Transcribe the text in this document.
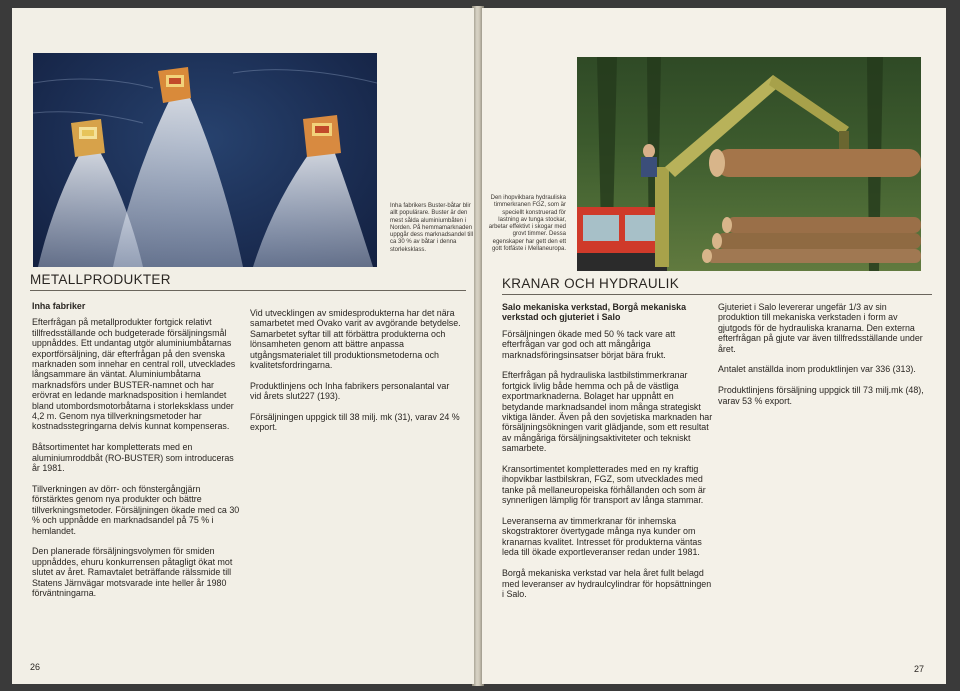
Inha fabrikers Buster-båtar blir allt populärare. Buster är den mest sålda aluminiumbåten i Norden. På hemmamarknaden uppgår dess marknadsandel till ca 30 % av båtar i denna storleksklass.
METALLPRODUKTER
Inha fabriker

Efterfrågan på metallprodukter fortgick relativt tillfredsställande och budgeterade försäljningsmål uppnåddes. Ett undantag utgör aluminiumbåtarnas exportförsäljning, där efterfrågan på den svenska marknaden som innehar en central roll, utvecklades långsammare än väntat. Aluminiumbåtarna marknadsförs under BUSTER-namnet och har erövrat en ledande marknadsposition i hemlandet bland utombordsmotorbåtarna i storleksklass under 4,2 m. Genom nya tillverkningsmetoder har kostnadsstegringarna delvis kunnat kompenseras.

Båtsortimentet har kompletterats med en aluminiumroddbåt (RO-BUSTER) som introduceras år 1981.

Tillverkningen av dörr- och fönstergångjärn förstärktes genom nya produkter och bättre tillverkningsmetoder. Försäljningen ökade med ca 30 % och uppnådde en marknadsandel på 75 % i hemlandet.

Den planerade försäljningsvolymen för smiden uppnåddes, ehuru konkurrensen påtagligt ökat mot slutet av året. Ramavtalet beträffande rälssmide till Statens Järnvägar motsvarade inte heller år 1980 förväntningarna.

Vid utvecklingen av smidesprodukterna har det nära samarbetet med Ovako varit av avgörande betydelse. Samarbetet syftar till att förbättra produkterna och lönsamheten genom att bättre anpassa utgångsmaterialet till produktionsmetoderna och kvalitetsfordringarna.

Produktlinjens och Inha fabrikers personalantal var vid årets slut227 (193).

Försäljningen uppgick till 38 milj. mk (31), varav 24 % export.

26
Den ihopvikbara hydrauliska timmerkranen FGZ, som är speciellt konstruerad för lastning av tunga stockar, arbetar effektivt i skogar med grovt timmer. Dessa egenskaper har gett den ett gott fotfäste i Mellaneuropa.
KRANAR OCH HYDRAULIK
Salo mekaniska verkstad, Borgå mekaniska verkstad och gjuteriet i Salo

Försäljningen ökade med 50 % tack vare att efterfrågan var god och att mångåriga marknadsföringsinsatser börjat bära frukt.

Efterfrågan på hydrauliska lastbilstimmerkranar fortgick livlig både hemma och på de västliga exportmarknaderna. Bolaget har uppnått en betydande marknadsandel inom många strategiskt viktiga länder. Även på den sovjetiska marknaden har försäljningsökningen varit glädjande, som ett resultat av mångåriga försäljningsaktiviteter och tekniskt samarbete.

Kransortimentet kompletterades med en ny kraftig ihopvikbar lastbilskran, FGZ, som utvecklades med tanke på mellaneuropeiska förhållanden och som är synnerligen lämplig för transport av långa stammar.

Leveranserna av timmerkranar för inhemska skogstraktorer övertygade många nya kunder om kranarnas kvalitet. Intresset för produkterna väntas leda till ökade exportleveranser redan under 1981.

Borgå mekaniska verkstad var hela året fullt belagd med leveranser av hydraulcylindrar för hopsättningen i Salo.

Gjuteriet i Salo levererar ungefär 1/3 av sin produktion till mekaniska verkstaden i form av gjutgods för de hydrauliska kranarna. Den externa efterfrågan på gjute var även tillfredsställande under året.

Antalet anställda inom produktlinjen var 336 (313).

Produktlinjens försäljning uppgick till 73 milj.mk (48), varav 53 % export.

27
